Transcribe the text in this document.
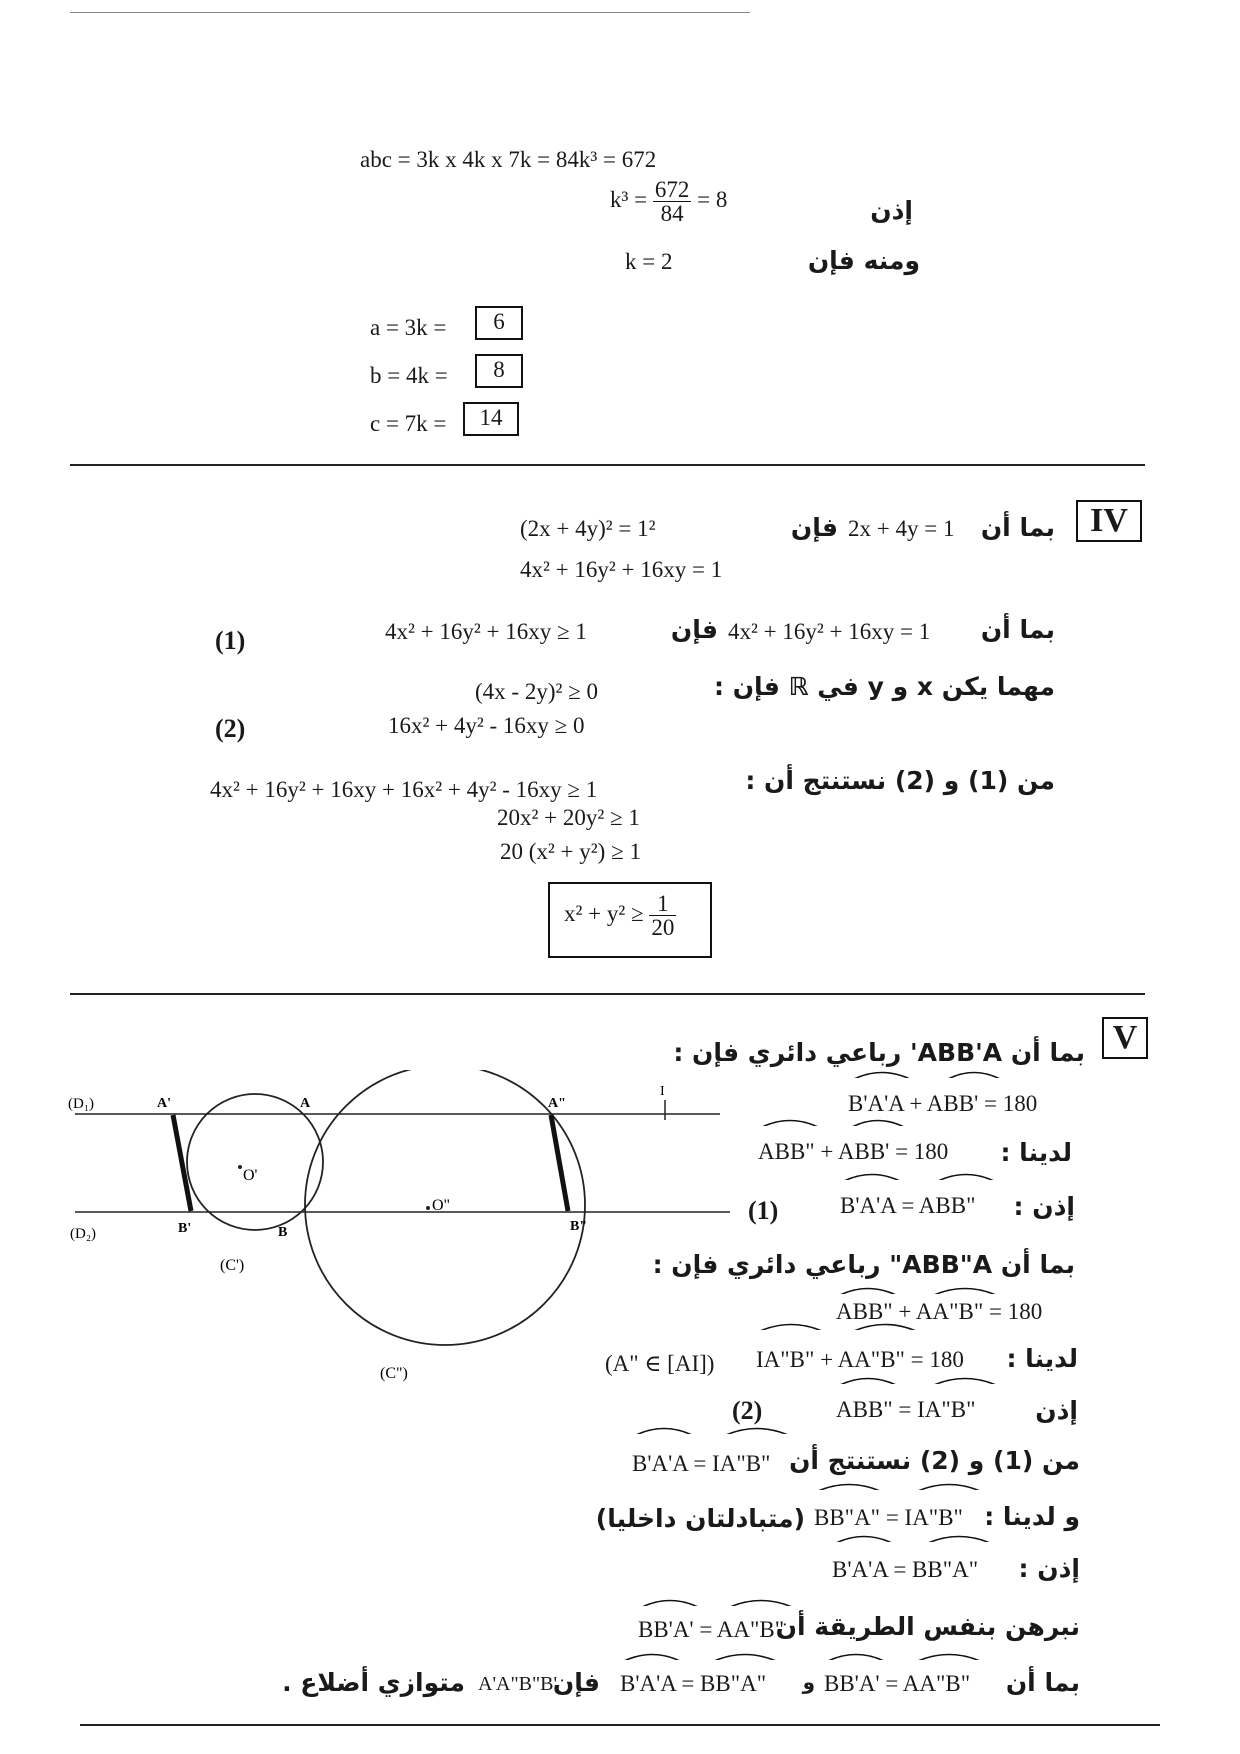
abc = 3k x 4k x 7k = 84k³ = 672
$k^3 = \frac{672}{84} = 8$	إذن
k = 2	ومنه فإن
a = 3k =	6
b = 4k =	8
c = 7k =	14
IV
بما أن
2x + 4y = 1
فإن
(2x + 4y)² = 1²
4x² + 16y² + 16xy = 1
بما أن
4x² + 16y² + 16xy = 1
فإن
4x² + 16y² + 16xy ≥ 1
(1)
مهما يكن x و y في ℝ فإن :
(4x - 2y)² ≥ 0
16x² + 4y² - 16xy ≥ 0
(2)
من (1) و (2) نستنتج أن :
4x² + 16y² + 16xy + 16x² + 4y² - 16xy ≥ 1
20x² + 20y² ≥ 1
20 (x² + y²) ≥ 1
$x^2 + y^2 \ge \frac{1}{20}$
V
(D₁)
(D₂)
A'	A	A"
I
B'	B	B"
O'
O"
(C')
(C")
بما أن ABB'A' رباعي دائري فإن :
B'A'A + ABB' = 180
لدينا :
ABB" + ABB' = 180
إذن :
B'A'A = ABB"
(1)
بما أن ABB"A" رباعي دائري فإن :
ABB" + AA"B" = 180
لدينا :
IA"B" + AA"B" = 180
(A" ∈ [AI])
إذن
ABB" = IA"B"
(2)
من (1) و (2) نستنتج أن
B'A'A = IA"B"
و لدينا :
BB"A" = IA"B"
(متبادلتان داخليا)
إذن :
B'A'A = BB"A"
نبرهن بنفس الطريقة أن
BB'A' = AA"B"
بما أن
BB'A' = AA"B"
و
B'A'A = BB"A"
فإن
A'A"B"B'
متوازي أضلاع .
